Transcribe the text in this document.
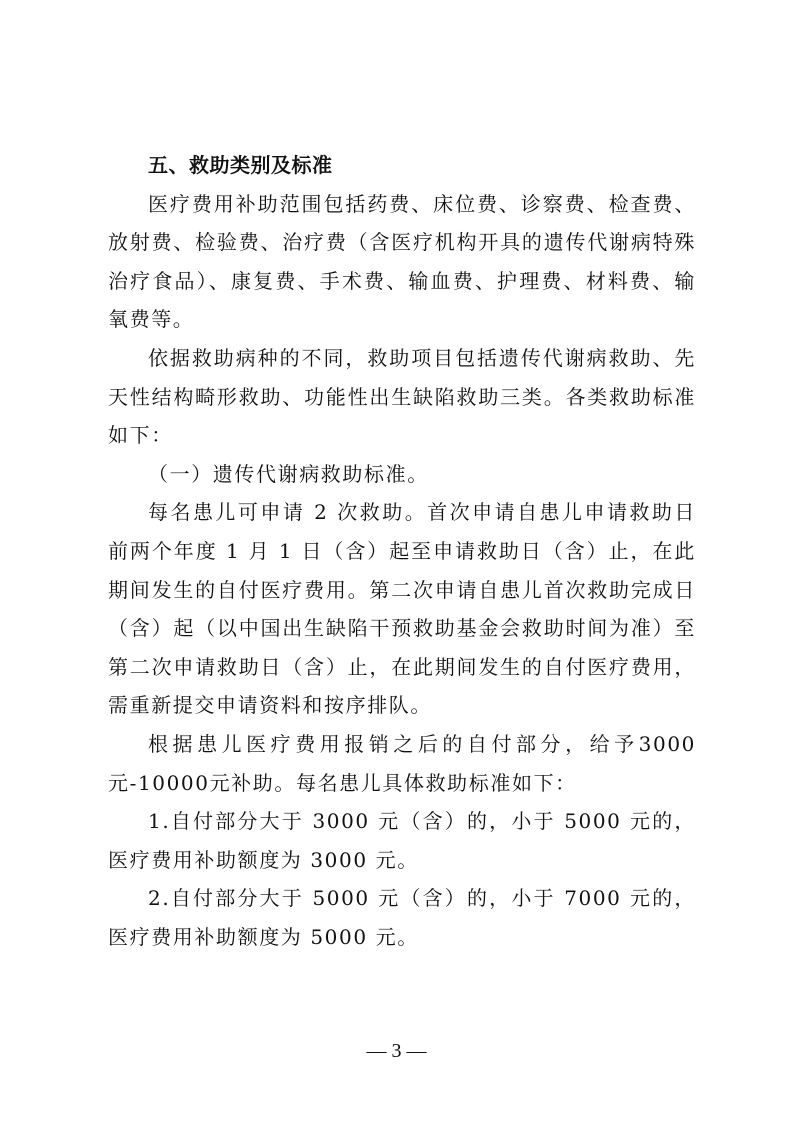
五、救助类别及标准

医疗费用补助范围包括药费、床位费、诊察费、检查费、放射费、检验费、治疗费（含医疗机构开具的遗传代谢病特殊治疗食品）、康复费、手术费、输血费、护理费、材料费、输氧费等。

依据救助病种的不同，救助项目包括遗传代谢病救助、先天性结构畸形救助、功能性出生缺陷救助三类。各类救助标准如下：

（一）遗传代谢病救助标准。

每名患儿可申请 2 次救助。首次申请自患儿申请救助日前两个年度 1 月 1 日（含）起至申请救助日（含）止，在此期间发生的自付医疗费用。第二次申请自患儿首次救助完成日（含）起（以中国出生缺陷干预救助基金会救助时间为准）至第二次申请救助日（含）止，在此期间发生的自付医疗费用，需重新提交申请资料和按序排队。

根据患儿医疗费用报销之后的自付部分，给予3000元-10000元补助。每名患儿具体救助标准如下：

1.自付部分大于 3000 元（含）的，小于 5000 元的，医疗费用补助额度为 3000 元。

2.自付部分大于 5000 元（含）的，小于 7000 元的，医疗费用补助额度为 5000 元。

— 3 —
